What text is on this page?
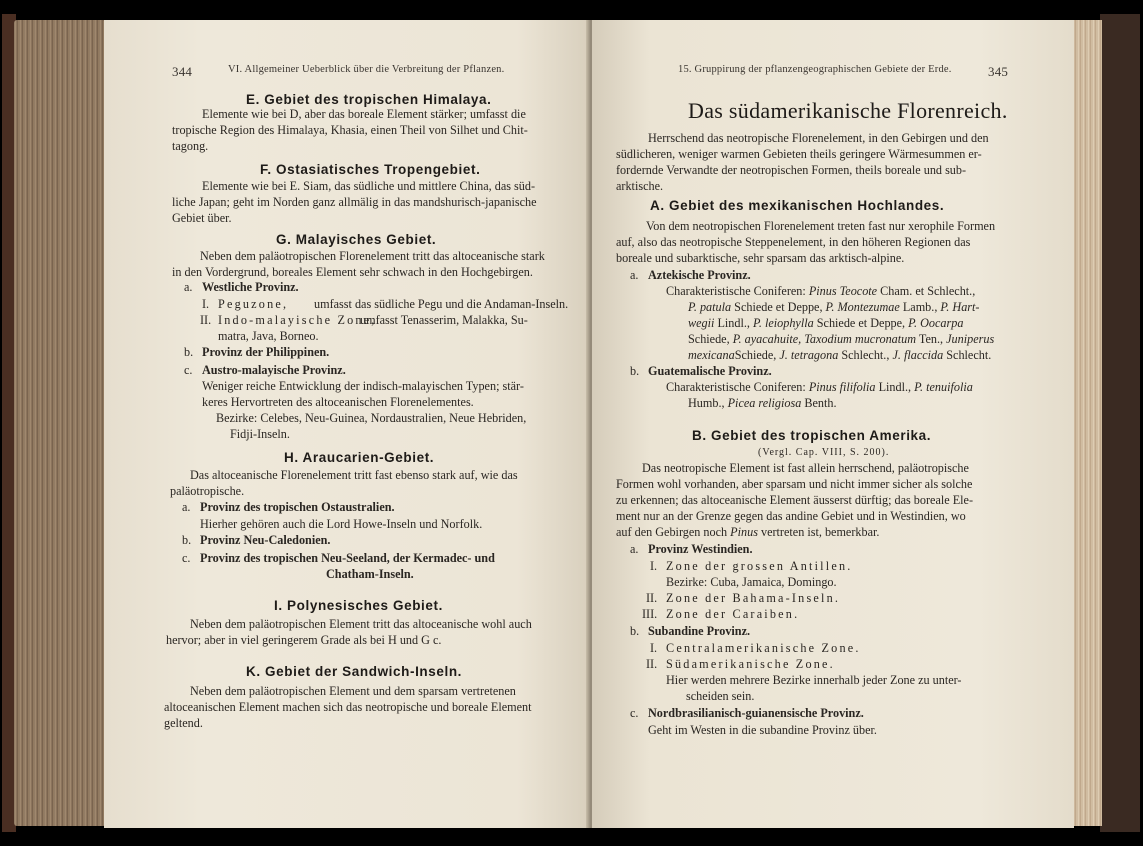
344	VI. Allgemeiner Ueberblick über die Verbreitung der Pflanzen.
E. Gebiet des tropischen Himalaya.
Elemente wie bei D, aber das boreale Element stärker; umfasst die
tropische Region des Himalaya, Khasia, einen Theil von Silhet und Chit-
tagong.
F. Ostasiatisches Tropengebiet.
Elemente wie bei E. Siam, das südliche und mittlere China, das süd-
liche Japan; geht im Norden ganz allmälig in das mandshurisch-japanische
Gebiet über.
G. Malayisches Gebiet.
Neben dem paläotropischen Florenelement tritt das altoceanische stark
in den Vordergrund, boreales Element sehr schwach in den Hochgebirgen.
a. Westliche Provinz.
I. Peguzone, umfasst das südliche Pegu und die Andaman-Inseln.
II. Indo-malayische Zone,
umfasst Tenasserim, Malakka, Su-
matra, Java, Borneo.
b. Provinz der Philippinen.
c. Austro-malayische Provinz.
Weniger reiche Entwicklung der indisch-malayischen Typen; stär-
keres Hervortreten des altoceanischen Florenelementes.
Bezirke: Celebes, Neu-Guinea, Nordaustralien, Neue Hebriden,
Fidji-Inseln.
H. Araucarien-Gebiet.
Das altoceanische Florenelement tritt fast ebenso stark auf, wie das
paläotropische.
a. Provinz des tropischen Ostaustralien.
Hierher gehören auch die Lord Howe-Inseln und Norfolk.
b. Provinz Neu-Caledonien.
c. Provinz des tropischen Neu-Seeland, der Kermadec- und
Chatham-Inseln.
I. Polynesisches Gebiet.
Neben dem paläotropischen Element tritt das altoceanische wohl auch
hervor; aber in viel geringerem Grade als bei H und G c.
K. Gebiet der Sandwich-Inseln.
Neben dem paläotropischen Element und dem sparsam vertretenen
altoceanischen Element machen sich das neotropische und boreale Element
geltend.
15. Gruppirung der pflanzengeographischen Gebiete der Erde.	345
Das südamerikanische Florenreich.
Herrschend das neotropische Florenelement, in den Gebirgen und den
südlicheren, weniger warmen Gebieten theils geringere Wärmesummen er-
fordernde Verwandte der neotropischen Formen, theils boreale und sub-
arktische.
A. Gebiet des mexikanischen Hochlandes.
Von dem neotropischen Florenelement treten fast nur xerophile Formen
auf, also das neotropische Steppenelement, in den höheren Regionen das
boreale und subarktische, sehr sparsam das arktisch-alpine.
a. Aztekische Provinz.
Charakteristische Coniferen: Pinus Teocote Cham. et Schlecht.,
P. patula Schiede et Deppe, P. Montezumae Lamb., P. Hart-
wegii Lindl., P. leiophylla Schiede et Deppe, P. Oocarpa
Schiede, P. ayacahuite, Taxodium mucronatum Ten., Juniperus
mexicanaSchiede, J. tetragona Schlecht., J. flaccida Schlecht.
b. Guatemalische Provinz.
Charakteristische Coniferen: Pinus filifolia Lindl., P. tenuifolia
Humb., Picea religiosa Benth.
B. Gebiet des tropischen Amerika.
(Vergl. Cap. VIII, S. 200).
Das neotropische Element ist fast allein herrschend, paläotropische
Formen wohl vorhanden, aber sparsam und nicht immer sicher als solche
zu erkennen; das altoceanische Element äusserst dürftig; das boreale Ele-
ment nur an der Grenze gegen das andine Gebiet und in Westindien, wo
auf den Gebirgen noch Pinus vertreten ist, bemerkbar.
a. Provinz Westindien.
I. Zone der grossen Antillen.
Bezirke: Cuba, Jamaica, Domingo.
II. Zone der Bahama-Inseln.
III. Zone der Caraiben.
b. Subandine Provinz.
I. Centralamerikanische Zone.
II. Südamerikanische Zone.
Hier werden mehrere Bezirke innerhalb jeder Zone zu unter-
scheiden sein.
c. Nordbrasilianisch-guianensische Provinz.
Geht im Westen in die subandine Provinz über.
